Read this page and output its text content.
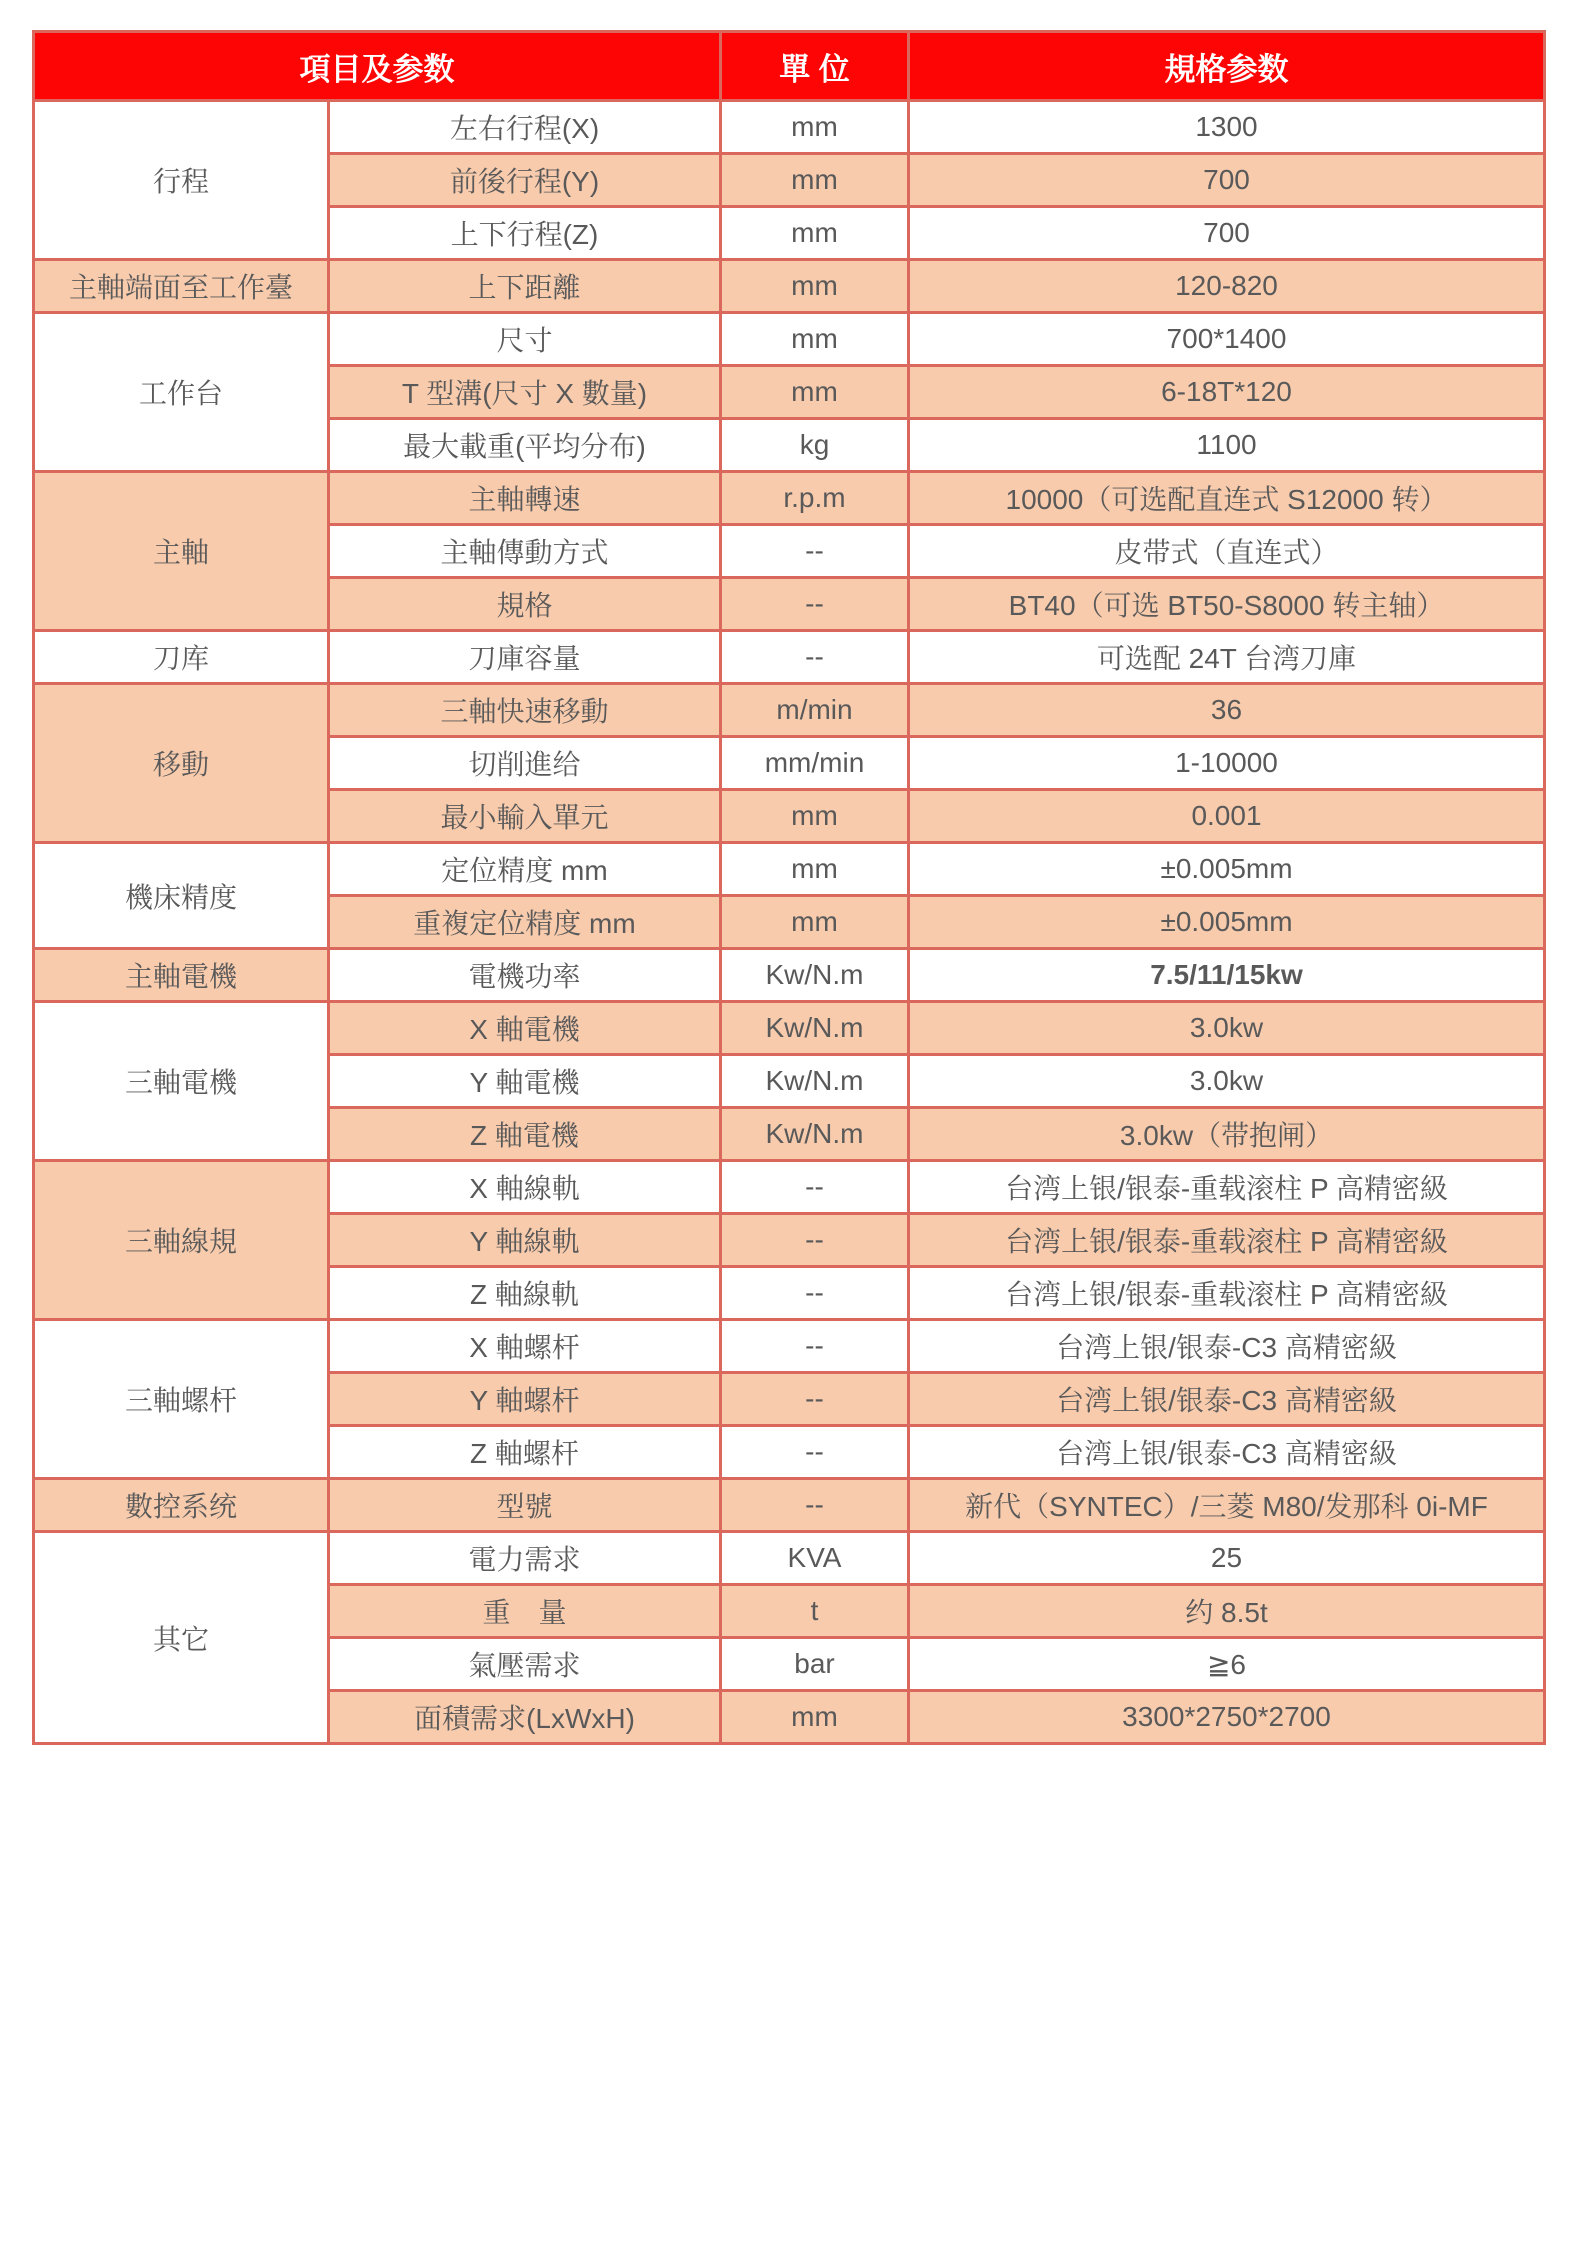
項目及参数		單 位	規格参数
行程	左右行程(X)	mm	1300
	前後行程(Y)	mm	700
	上下行程(Z)	mm	700
主軸端面至工作臺	上下距離	mm	120-820
工作台	尺寸	mm	700*1400
	T 型溝(尺寸 X 數量)	mm	6-18T*120
	最大載重(平均分布)	kg	1100
主軸	主軸轉速	r.p.m	10000（可选配直连式 S12000 转）
	主軸傳動方式	--	皮带式（直连式）
	規格	--	BT40（可选 BT50-S8000 转主轴）
刀库	刀庫容量	--	可选配 24T 台湾刀庫
移動	三軸快速移動	m/min	36
	切削進给	mm/min	1-10000
	最小輸入單元	mm	0.001
機床精度	定位精度 mm	mm	±0.005mm
	重複定位精度 mm	mm	±0.005mm
主軸電機	電機功率	Kw/N.m	7.5/11/15kw
三軸電機	X 軸電機	Kw/N.m	3.0kw
	Y 軸電機	Kw/N.m	3.0kw
	Z 軸電機	Kw/N.m	3.0kw（带抱闸）
三軸線規	X 軸線軌	--	台湾上银/银泰-重载滚柱 P 高精密級
	Y 軸線軌	--	台湾上银/银泰-重载滚柱 P 高精密級
	Z 軸線軌	--	台湾上银/银泰-重载滚柱 P 高精密級
三軸螺杆	X 軸螺杆	--	台湾上银/银泰-C3 高精密級
	Y 軸螺杆	--	台湾上银/银泰-C3 高精密級
	Z 軸螺杆	--	台湾上银/银泰-C3 高精密級
數控系统	型號	--	新代（SYNTEC）/三菱 M80/发那科 0i-MF
其它	電力需求	KVA	25
	重　量	t	约 8.5t
	氣壓需求	bar	≧6
	面積需求(LxWxH)	mm	3300*2750*2700
